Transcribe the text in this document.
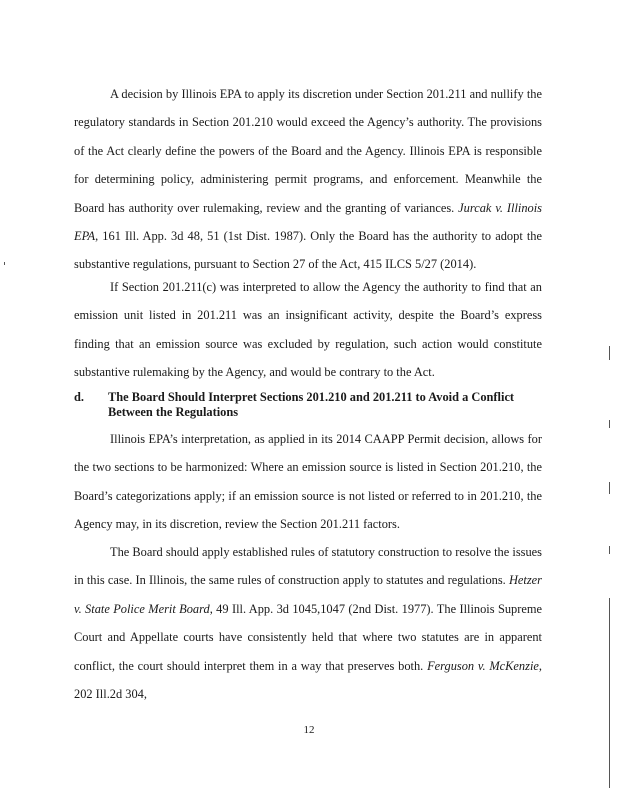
A decision by Illinois EPA to apply its discretion under Section 201.211 and nullify the regulatory standards in Section 201.210 would exceed the Agency’s authority. The provisions of the Act clearly define the powers of the Board and the Agency. Illinois EPA is responsible for determining policy, administering permit programs, and enforcement. Meanwhile the Board has authority over rulemaking, review and the granting of variances. Jurcak v. Illinois EPA, 161 Ill. App. 3d 48, 51 (1st Dist. 1987). Only the Board has the authority to adopt the substantive regulations, pursuant to Section 27 of the Act, 415 ILCS 5/27 (2014).

If Section 201.211(c) was interpreted to allow the Agency the authority to find that an emission unit listed in 201.211 was an insignificant activity, despite the Board’s express finding that an emission source was excluded by regulation, such action would constitute substantive rulemaking by the Agency, and would be contrary to the Act.

d. The Board Should Interpret Sections 201.210 and 201.211 to Avoid a Conflict Between the Regulations

Illinois EPA’s interpretation, as applied in its 2014 CAAPP Permit decision, allows for the two sections to be harmonized: Where an emission source is listed in Section 201.210, the Board’s categorizations apply; if an emission source is not listed or referred to in 201.210, the Agency may, in its discretion, review the Section 201.211 factors.

The Board should apply established rules of statutory construction to resolve the issues in this case. In Illinois, the same rules of construction apply to statutes and regulations. Hetzer v. State Police Merit Board, 49 Ill. App. 3d 1045,1047 (2nd Dist. 1977). The Illinois Supreme Court and Appellate courts have consistently held that where two statutes are in apparent conflict, the court should interpret them in a way that preserves both. Ferguson v. McKenzie, 202 Ill.2d 304,

12
